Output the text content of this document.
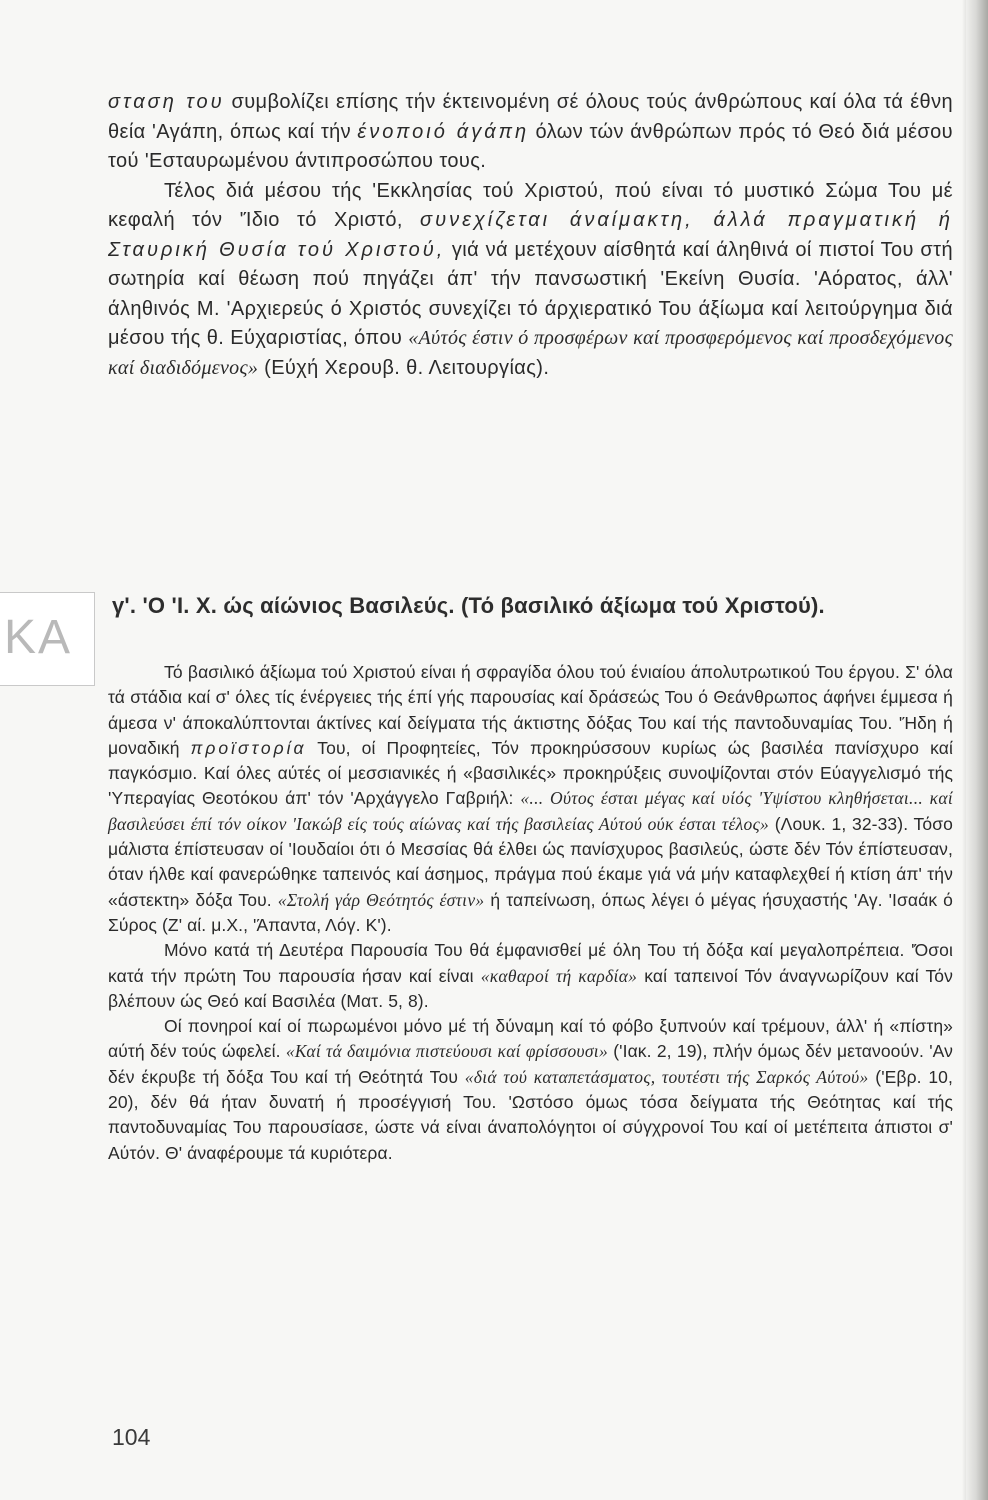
ΚΑ

σταση του συμβολίζει επίσης τήν έκτεινομένη σέ όλους τούς άνθρώπους καί όλα τά έθνη θεία 'Αγάπη, όπως καί τήν ένοποιό άγάπη όλων τών άνθρώπων πρός τό Θεό διά μέσου τού 'Εσταυρωμένου άντιπροσώπου τους.

Τέλος διά μέσου τής 'Εκκλησίας τού Χριστού, πού είναι τό μυστικό Σώμα Του μέ κεφαλή τόν 'Ίδιο τό Χριστό, συνεχίζεται άναίμακτη, άλλά πραγματική ή Σταυρική Θυσία τού Χριστού, γιά νά μετέχουν αίσθητά καί άληθινά οί πιστοί Του στή σωτηρία καί θέωση πού πηγάζει άπ' τήν πανσωστική 'Εκείνη Θυσία. 'Αόρατος, άλλ' άληθινός Μ. 'Αρχιερεύς ό Χριστός συνεχίζει τό άρχιερατικό Του άξίωμα καί λειτούργημα διά μέσου τής θ. Εύχαριστίας, όπου «Αύτός έστιν ό προσφέρων καί προσφερόμενος καί προσδεχόμενος καί διαδιδόμενος» (Εύχή Χερουβ. θ. Λειτουργίας).

γ'. 'Ο 'Ι. Χ. ώς αίώνιος Βασιλεύς. (Τό βασιλικό άξίωμα τού Χριστού).

Τό βασιλικό άξίωμα τού Χριστού είναι ή σφραγίδα όλου τού ένιαίου άπολυτρωτικού Του έργου. Σ' όλα τά στάδια καί σ' όλες τίς ένέργειες τής έπί γής παρουσίας καί δράσεώς Του ό Θεάνθρωπος άφήνει έμμεσα ή άμεσα ν' άποκαλύπτονται άκτίνες καί δείγματα τής άκτιστης δόξας Του καί τής παντοδυναμίας Του. 'Ήδη ή μοναδική προϊστορία Του, οί Προφητείες, Τόν προκηρύσσουν κυρίως ώς βασιλέα πανίσχυρο καί παγκόσμιο. Καί όλες αύτές οί μεσσιανικές ή «βασιλικές» προκηρύξεις συνοψίζονται στόν Εύαγγελισμό τής 'Υπεραγίας Θεοτόκου άπ' τόν 'Αρχάγγελο Γαβριήλ: «... Ούτος έσται μέγας καί υίός 'Υψίστου κληθήσεται... καί βασιλεύσει έπί τόν οίκον 'Ιακώβ είς τούς αίώνας καί τής βασιλείας Αύτού ούκ έσται τέλος» (Λουκ. 1, 32-33). Τόσο μάλιστα έπίστευσαν οί 'Ιουδαίοι ότι ό Μεσσίας θά έλθει ώς πανίσχυρος βασιλεύς, ώστε δέν Τόν έπίστευσαν, όταν ήλθε καί φανερώθηκε ταπεινός καί άσημος, πράγμα πού έκαμε γιά νά μήν καταφλεχθεί ή κτίση άπ' τήν «άστεκτη» δόξα Του. «Στολή γάρ Θεότητός έστιν» ή ταπείνωση, όπως λέγει ό μέγας ήσυχαστής 'Αγ. 'Ισαάκ ό Σύρος (Ζ' αί. μ.Χ., 'Άπαντα, Λόγ. Κ').

Μόνο κατά τή Δευτέρα Παρουσία Του θά έμφανισθεί μέ όλη Του τή δόξα καί μεγαλοπρέπεια. 'Όσοι κατά τήν πρώτη Του παρουσία ήσαν καί είναι «καθαροί τή καρδία» καί ταπεινοί Τόν άναγνωρίζουν καί Τόν βλέπουν ώς Θεό καί Βασιλέα (Ματ. 5, 8).

Οί πονηροί καί οί πωρωμένοι μόνο μέ τή δύναμη καί τό φόβο ξυπνούν καί τρέμουν, άλλ' ή «πίστη» αύτή δέν τούς ώφελεί. «Καί τά δαιμόνια πιστεύουσι καί φρίσσουσι» ('Ιακ. 2, 19), πλήν όμως δέν μετανοούν. 'Αν δέν έκρυβε τή δόξα Του καί τή Θεότητά Του «διά τού καταπετάσματος, τουτέστι τής Σαρκός Αύτού» ('Εβρ. 10, 20), δέν θά ήταν δυνατή ή προσέγγισή Του. 'Ωστόσο όμως τόσα δείγματα τής Θεότητας καί τής παντοδυναμίας Του παρουσίασε, ώστε νά είναι άναπολόγητοι οί σύγχρονοί Του καί οί μετέπειτα άπιστοι σ' Αύτόν. Θ' άναφέρουμε τά κυριότερα.

104
